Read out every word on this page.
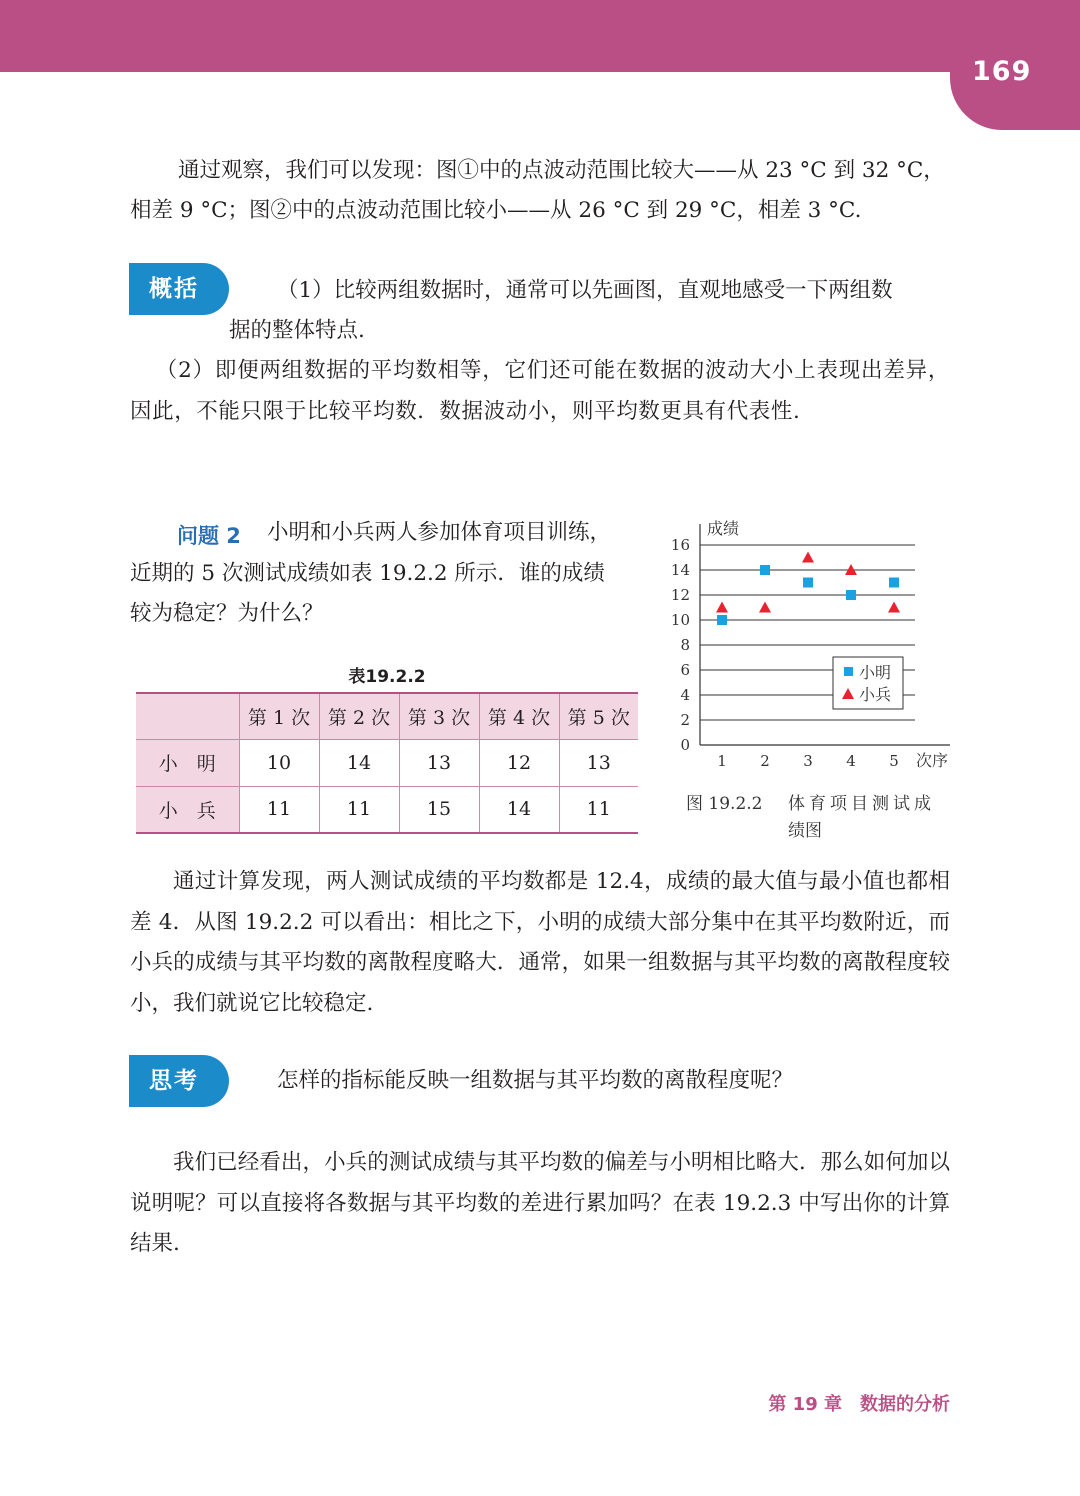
169

通过观察，我们可以发现：图①中的点波动范围比较大——从 23 °C 到 32 °C，

相差 9 °C；图②中的点波动范围比较小——从 26 °C 到 29 °C，相差 3 °C.

概括	（1）比较两组数据时，通常可以先画图，直观地感受一下两组数

据的整体特点.

（2）即便两组数据的平均数相等，它们还可能在数据的波动大小上表现出差异，因此，不能只限于比较平均数．数据波动小，则平均数更具有代表性.

问题 2 小明和小兵两人参加体育项目训练，

近期的 5 次测试成绩如表 19.2.2 所示．谁的成绩

较为稳定？为什么？

表19.2.2
	第 1 次	第 2 次	第 3 次	第 4 次	第 5 次
小　明	10	14	13	12	13
小　兵	11	11	15	14	11
0
2
4
6
8
10
12
14
16
成绩
1 2 3 4 5 次序
小明
小兵

图 19.2.2 体育项目测试成

绩图

通过计算发现，两人测试成绩的平均数都是 12.4，成绩的最大值与最小值也都相差 4．从图 19.2.2 可以看出：相比之下，小明的成绩大部分集中在其平均数附近，而小兵的成绩与其平均数的离散程度略大．通常，如果一组数据与其平均数的离散程度较小，我们就说它比较稳定.

思考	怎样的指标能反映一组数据与其平均数的离散程度呢？

我们已经看出，小兵的测试成绩与其平均数的偏差与小明相比略大．那么如何加以说明呢？可以直接将各数据与其平均数的差进行累加吗？在表 19.2.3 中写出你的计算结果.

第 19 章　数据的分析
